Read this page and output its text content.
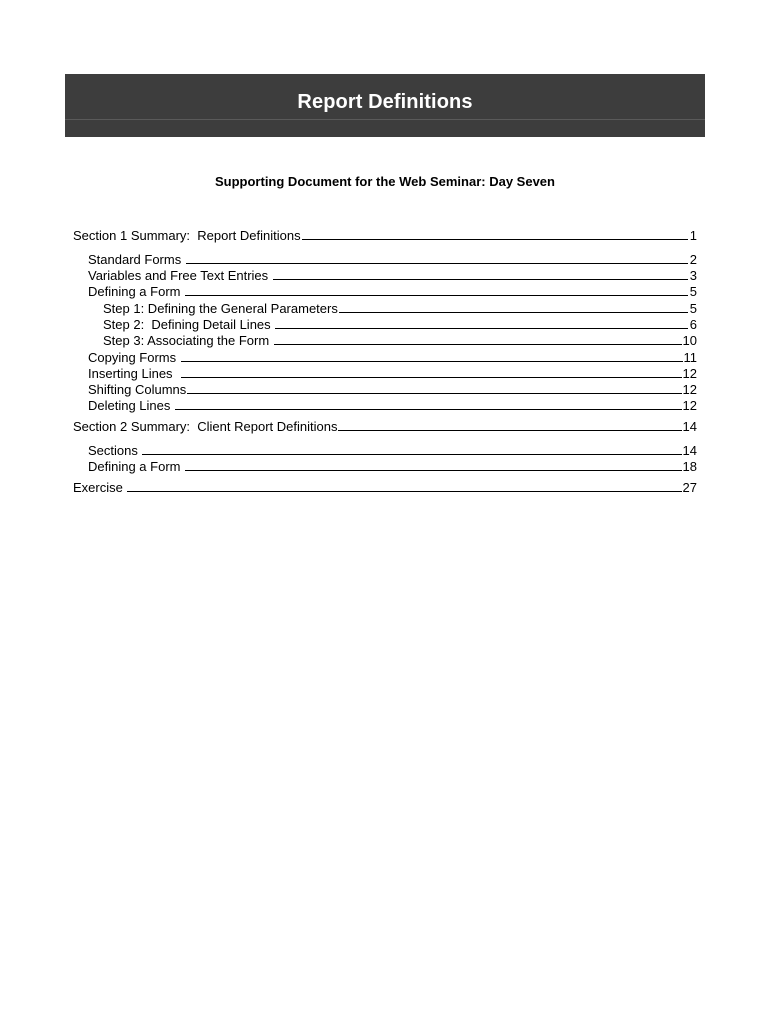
Report Definitions
Supporting Document for the Web Seminar: Day Seven
Section 1 Summary:  Report Definitions	1
Standard Forms	2
Variables and Free Text Entries	3
Defining a Form	5
Step 1: Defining the General Parameters	5
Step 2:  Defining Detail Lines	6
Step 3: Associating the Form	10
Copying Forms	11
Inserting Lines	12
Shifting Columns	12
Deleting Lines	12
Section 2 Summary:  Client Report Definitions	14
Sections	14
Defining a Form	18
Exercise	27
